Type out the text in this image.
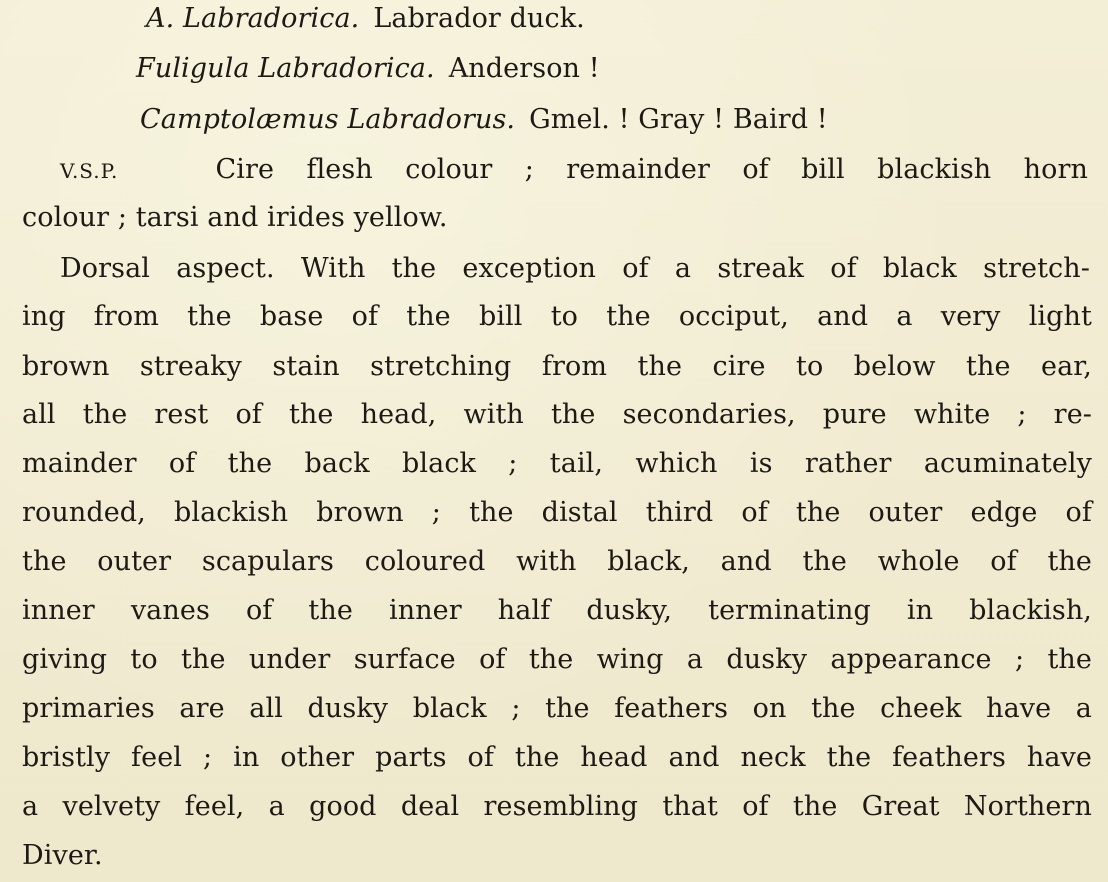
A. Labradorica. Labrador duck.
Fuligula Labradorica. Anderson !
Camptolæmus Labradorus. Gmel. ! Gray ! Baird !
V.S.P.	Cire flesh colour ; remainder of bill blackish horn
colour ; tarsi and irides yellow.
Dorsal aspect. With the exception of a streak of black stretch-
ing from the base of the bill to the occiput, and a very light
brown streaky stain stretching from the cire to below the ear,
all the rest of the head, with the secondaries, pure white ; re-
mainder of the back black ; tail, which is rather acuminately
rounded, blackish brown ; the distal third of the outer edge of
the outer scapulars coloured with black, and the whole of the
inner vanes of the inner half dusky, terminating in blackish,
giving to the under surface of the wing a dusky appearance ; the
primaries are all dusky black ; the feathers on the cheek have a
bristly feel ; in other parts of the head and neck the feathers have
a velvety feel, a good deal resembling that of the Great Northern
Diver.
